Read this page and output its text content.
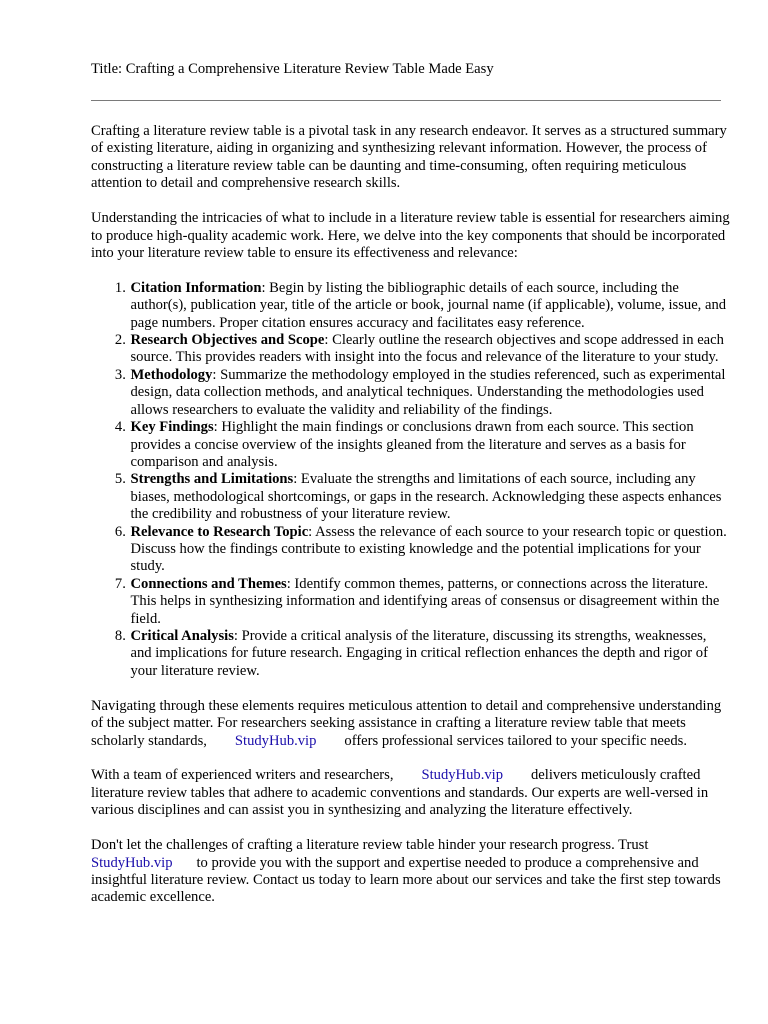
Title: Crafting a Comprehensive Literature Review Table Made Easy

Crafting a literature review table is a pivotal task in any research endeavor. It serves as a structured summary of existing literature, aiding in organizing and synthesizing relevant information. However, the process of constructing a literature review table can be daunting and time-consuming, often requiring meticulous attention to detail and comprehensive research skills.

Understanding the intricacies of what to include in a literature review table is essential for researchers aiming to produce high-quality academic work. Here, we delve into the key components that should be incorporated into your literature review table to ensure its effectiveness and relevance:

1. Citation Information: Begin by listing the bibliographic details of each source, including the author(s), publication year, title of the article or book, journal name (if applicable), volume, issue, and page numbers. Proper citation ensures accuracy and facilitates easy reference.
2. Research Objectives and Scope: Clearly outline the research objectives and scope addressed in each source. This provides readers with insight into the focus and relevance of the literature to your study.
3. Methodology: Summarize the methodology employed in the studies referenced, such as experimental design, data collection methods, and analytical techniques. Understanding the methodologies used allows researchers to evaluate the validity and reliability of the findings.
4. Key Findings: Highlight the main findings or conclusions drawn from each source. This section provides a concise overview of the insights gleaned from the literature and serves as a basis for comparison and analysis.
5. Strengths and Limitations: Evaluate the strengths and limitations of each source, including any biases, methodological shortcomings, or gaps in the research. Acknowledging these aspects enhances the credibility and robustness of your literature review.
6. Relevance to Research Topic: Assess the relevance of each source to your research topic or question. Discuss how the findings contribute to existing knowledge and the potential implications for your study.
7. Connections and Themes: Identify common themes, patterns, or connections across the literature. This helps in synthesizing information and identifying areas of consensus or disagreement within the field.
8. Critical Analysis: Provide a critical analysis of the literature, discussing its strengths, weaknesses, and implications for future research. Engaging in critical reflection enhances the depth and rigor of your literature review.

Navigating through these elements requires meticulous attention to detail and comprehensive understanding of the subject matter. For researchers seeking assistance in crafting a literature review table that meets scholarly standards, StudyHub.vip offers professional services tailored to your specific needs.

With a team of experienced writers and researchers, StudyHub.vip delivers meticulously crafted literature review tables that adhere to academic conventions and standards. Our experts are well-versed in various disciplines and can assist you in synthesizing and analyzing the literature effectively.

Don't let the challenges of crafting a literature review table hinder your research progress. Trust StudyHub.vip to provide you with the support and expertise needed to produce a comprehensive and insightful literature review. Contact us today to learn more about our services and take the first step towards academic excellence.
